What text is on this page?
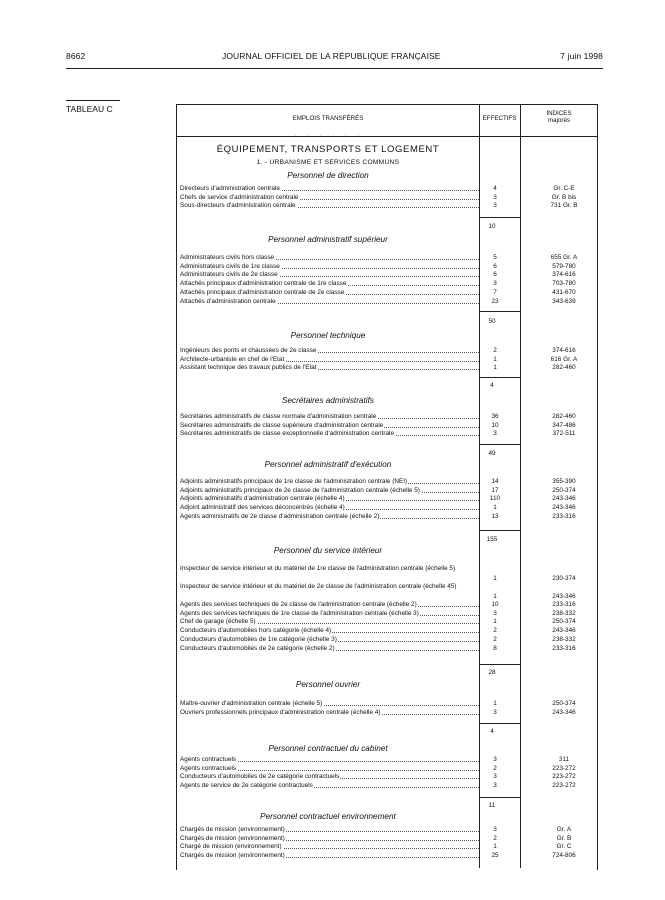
8662	JOURNAL OFFICIEL DE LA RÉPUBLIQUE FRANÇAISE	7 juin 1998
TABLEAU C
EMPLOIS TRANSFÉRÉS
·  ·  ·  ·  ·  ·
EFFECTIFS
INDICES
majorés
ÉQUIPEMENT, TRANSPORTS ET LOGEMENT
1. - URBANISME ET SERVICES COMMUNS
Personnel de direction
Directeurs d'administration centrale	4	Gr. C-E
Chefs de service d'administration centrale	3	Gr. B bis
Sous-directeurs d'administration centrale	3	731 Gr. B
10
Personnel administratif supérieur
Administrateurs civils hors classe	5	655 Gr. A
Administrateurs civils de 1re classe	6	579-780
Administrateurs civils de 2e classe	6	374-616
Attachés principaux d'administration centrale de 1re classe	3	703-780
Attachés principaux d'administration centrale de 2e classe	7	431-670
Attachés d'administration centrale	23	343-639
50
Personnel technique
Ingénieurs des ponts et chaussées de 2e classe	2	374-616
Architecte-urbaniste en chef de l'Etat	1	616 Gr. A
Assistant technique des travaux publics de l'Etat	1	282-460
4
Secrétaires administratifs
Secrétaires administratifs de classe normale d'administration centrale	36	282-460
Secrétaires administratifs de classe supérieure d'administration centrale	10	347-486
Secrétaires administratifs de classe exceptionnelle d'administration centrale	3	372-511
49
Personnel administratif d'exécution
Adjoints administratifs principaux de 1re classe de l'administration centrale (NEI)	14	355-390
Adjoints administratifs principaux de 2e classe de l'administration centrale (échelle 5)	17	250-374
Adjoints administratifs d'administration centrale (échelle 4)	110	243-346
Adjoint administratif des services déconcentrés (échelle 4)	1	243-346
Agents administratifs de 2e classe d'administration centrale (échelle 2)	13	233-316
155
Personnel du service intérieur
Inspecteur de service intérieur et du matériel de 1re classe de l'administration centrale (échelle 5)
1	230-374
Inspecteur de service intérieur et du matériel de 2e classe de l'administration centrale (échelle 45)
1	243-346
Agents des services techniques de 2e classe de l'administration centrale (échelle 2)	10	233-316
Agents des services techniques de 1re classe de l'administration centrale (échelle 3)	3	238-332
Chef de garage (échelle 5)	1	250-374
Conducteurs d'automobiles hors catégorie (échelle 4)	2	243-346
Conducteurs d'automobiles de 1re catégorie (échelle 3)	2	238-332
Conducteurs d'automobiles de 2e catégorie (échelle 2)	8	233-316
28
Personnel ouvrier
Maître-ouvrier d'administration centrale (échelle 5)	1	250-374
Ouvriers professionnels principaux d'administration centrale (échelle 4)	3	243-346
4
Personnel contractuel du cabinet
Agents contractuels	3	311
Agents contractuels	2	223-272
Conducteurs d'automobiles de 2e catégorie contractuels	3	223-272
Agents de service de 2e catégorie contractuels	3	223-272
11
Personnel contractuel environnement
Chargés de mission (environnement)	3	Gr. A
Chargés de mission (environnement)	2	Gr. B
Chargé de mission (environnement)	1	Gr. C
Chargés de mission (environnement)	25	724-806
